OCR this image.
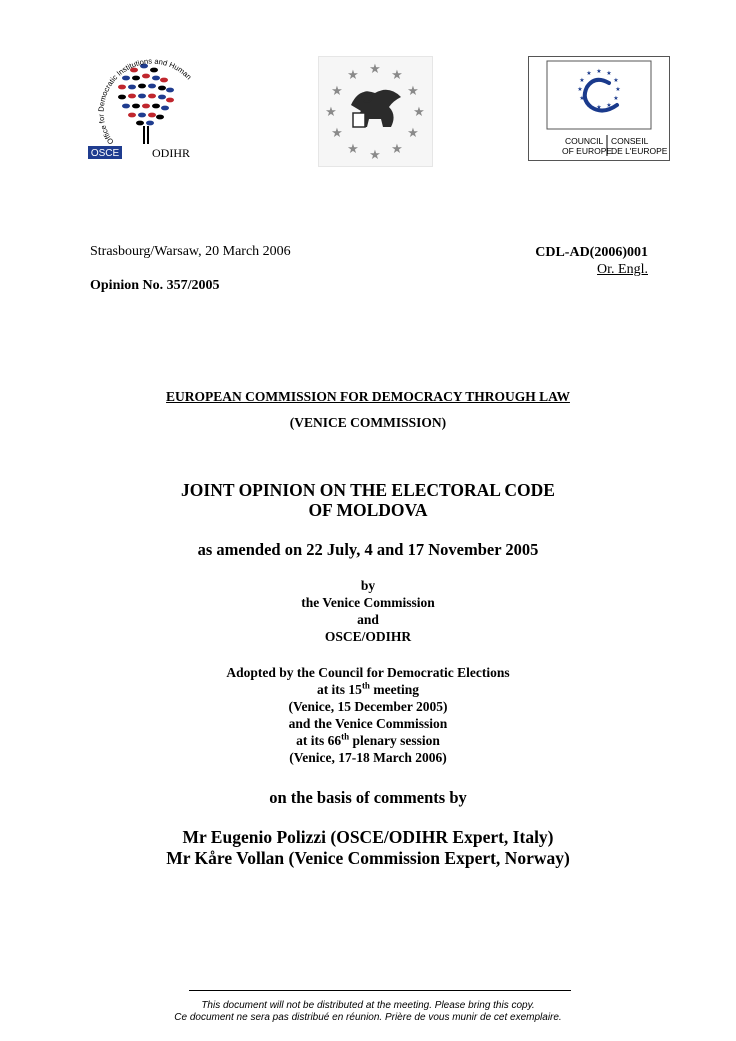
Office for Democratic Institutions and Human
OSCE	ODIHR
★ ★
★
★
★
★
★
★
★
★
★
★	★ ★
★
★
★
★
★
★
★
★
★
★
COUNCIL
OF EUROPE
CONSEIL
DE L'EUROPE
Strasbourg/Warsaw, 20 March 2006
Opinion No. 357/2005
CDL-AD(2006)001
Or. Engl.
EUROPEAN COMMISSION FOR DEMOCRACY THROUGH LAW
(VENICE COMMISSION)
JOINT OPINION ON THE ELECTORAL CODE
OF MOLDOVA
as amended on 22 July, 4 and 17 November 2005
by
the Venice Commission
and
OSCE/ODIHR
Adopted by the Council for Democratic Elections
at its 15th meeting
(Venice, 15 December 2005)
and the Venice Commission
at its 66th plenary session
(Venice, 17-18 March 2006)
on the basis of comments by
Mr Eugenio Polizzi (OSCE/ODIHR Expert, Italy)
Mr Kåre Vollan (Venice Commission Expert, Norway)
This document will not be distributed at the meeting. Please bring this copy.
Ce document ne sera pas distribué en réunion. Prière de vous munir de cet exemplaire.
